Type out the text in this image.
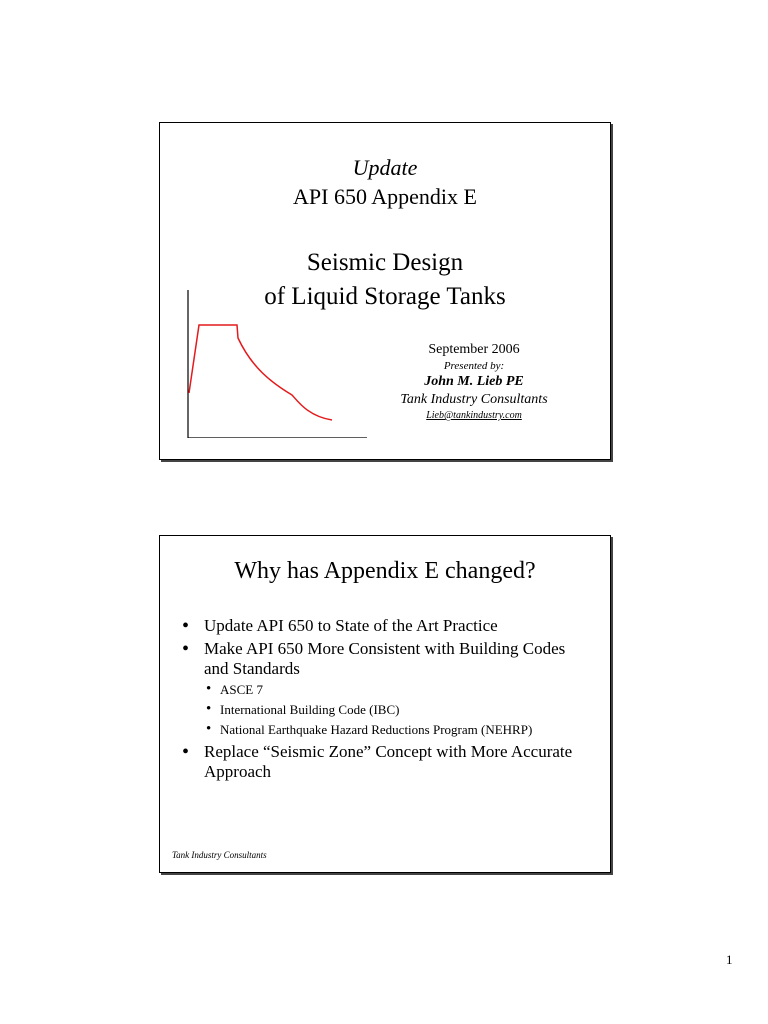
Update
API 650 Appendix E
Seismic Design
of Liquid Storage Tanks
September 2006
Presented by:
John M. Lieb PE
Tank Industry Consultants
Lieb@tankindustry.com
Why has Appendix E changed?
• Update API 650 to State of the Art Practice
• Make API 650 More Consistent with Building Codes and Standards
• ASCE 7
• International Building Code (IBC)
• National Earthquake Hazard Reductions Program (NEHRP)
• Replace “Seismic Zone” Concept with More Accurate Approach
Tank Industry Consultants
1
